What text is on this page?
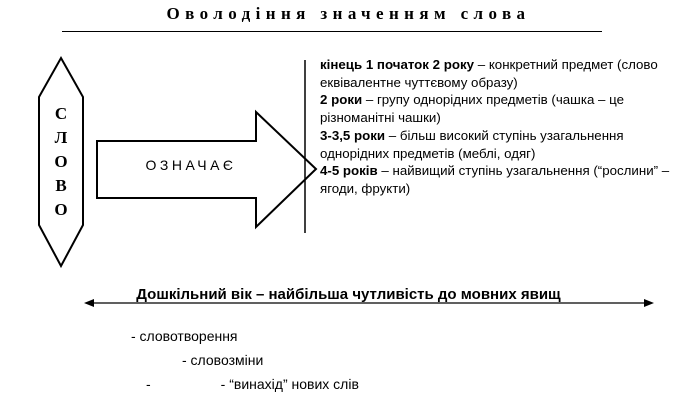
Оволодіння значенням слова
С
Л
О
В
О
ОЗНАЧАЄ
кінець 1 початок 2 року – конкретний предмет (слово еквівалентне чуттєвому образу)
2 роки – групу однорідних предметів (чашка – це різноманітні чашки)
3-3,5 роки – більш високий ступінь узагальнення однорідних предметів (меблі, одяг)
4-5 років – найвищий ступінь узагальнення (“рослини” – ягоди, фрукти)
Дошкільний вік – найбільша чутливість до мовних явищ
- словотворення
- словозміни
-                  - “винахід” нових слів
